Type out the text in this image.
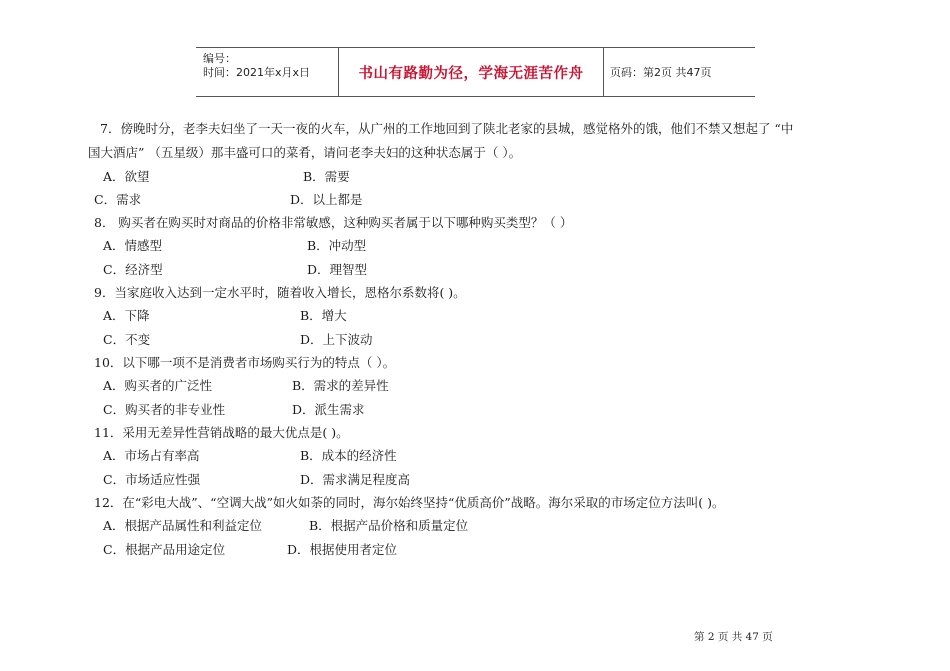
编号：
时间：2021年x月x日	书山有路勤为径，学海无涯苦作舟 页码：第2页 共47页
7．傍晚时分，老李夫妇坐了一天一夜的火车，从广州的工作地回到了陕北老家的县城，感觉格外的饿，他们不禁又想起了 “中
国大酒店” （五星级）那丰盛可口的菜肴，请问老李夫妇的这种状态属于（ ）。
A．欲望	B．需要
C．需求	D．以上都是
8． 购买者在购买时对商品的价格非常敏感，这种购买者属于以下哪种购买类型？（ ）
A．情感型	B．冲动型
C．经济型	D．理智型
9．当家庭收入达到一定水平时，随着收入增长，恩格尔系数将( )。
A．下降	B．增大
C．不变	D．上下波动
10．以下哪一项不是消费者市场购买行为的特点（ ）。
A．购买者的广泛性	B．需求的差异性
C．购买者的非专业性	D．派生需求
11．采用无差异性营销战略的最大优点是( )。
A．市场占有率高	B．成本的经济性
C．市场适应性强	D．需求满足程度高
12．在“彩电大战”、“空调大战”如火如荼的同时，海尔始终坚持“优质高价”战略。海尔采取的市场定位方法叫( )。
A．根据产品属性和利益定位	B．根据产品价格和质量定位
C．根据产品用途定位	D．根据使用者定位
第 2 页 共 47 页
